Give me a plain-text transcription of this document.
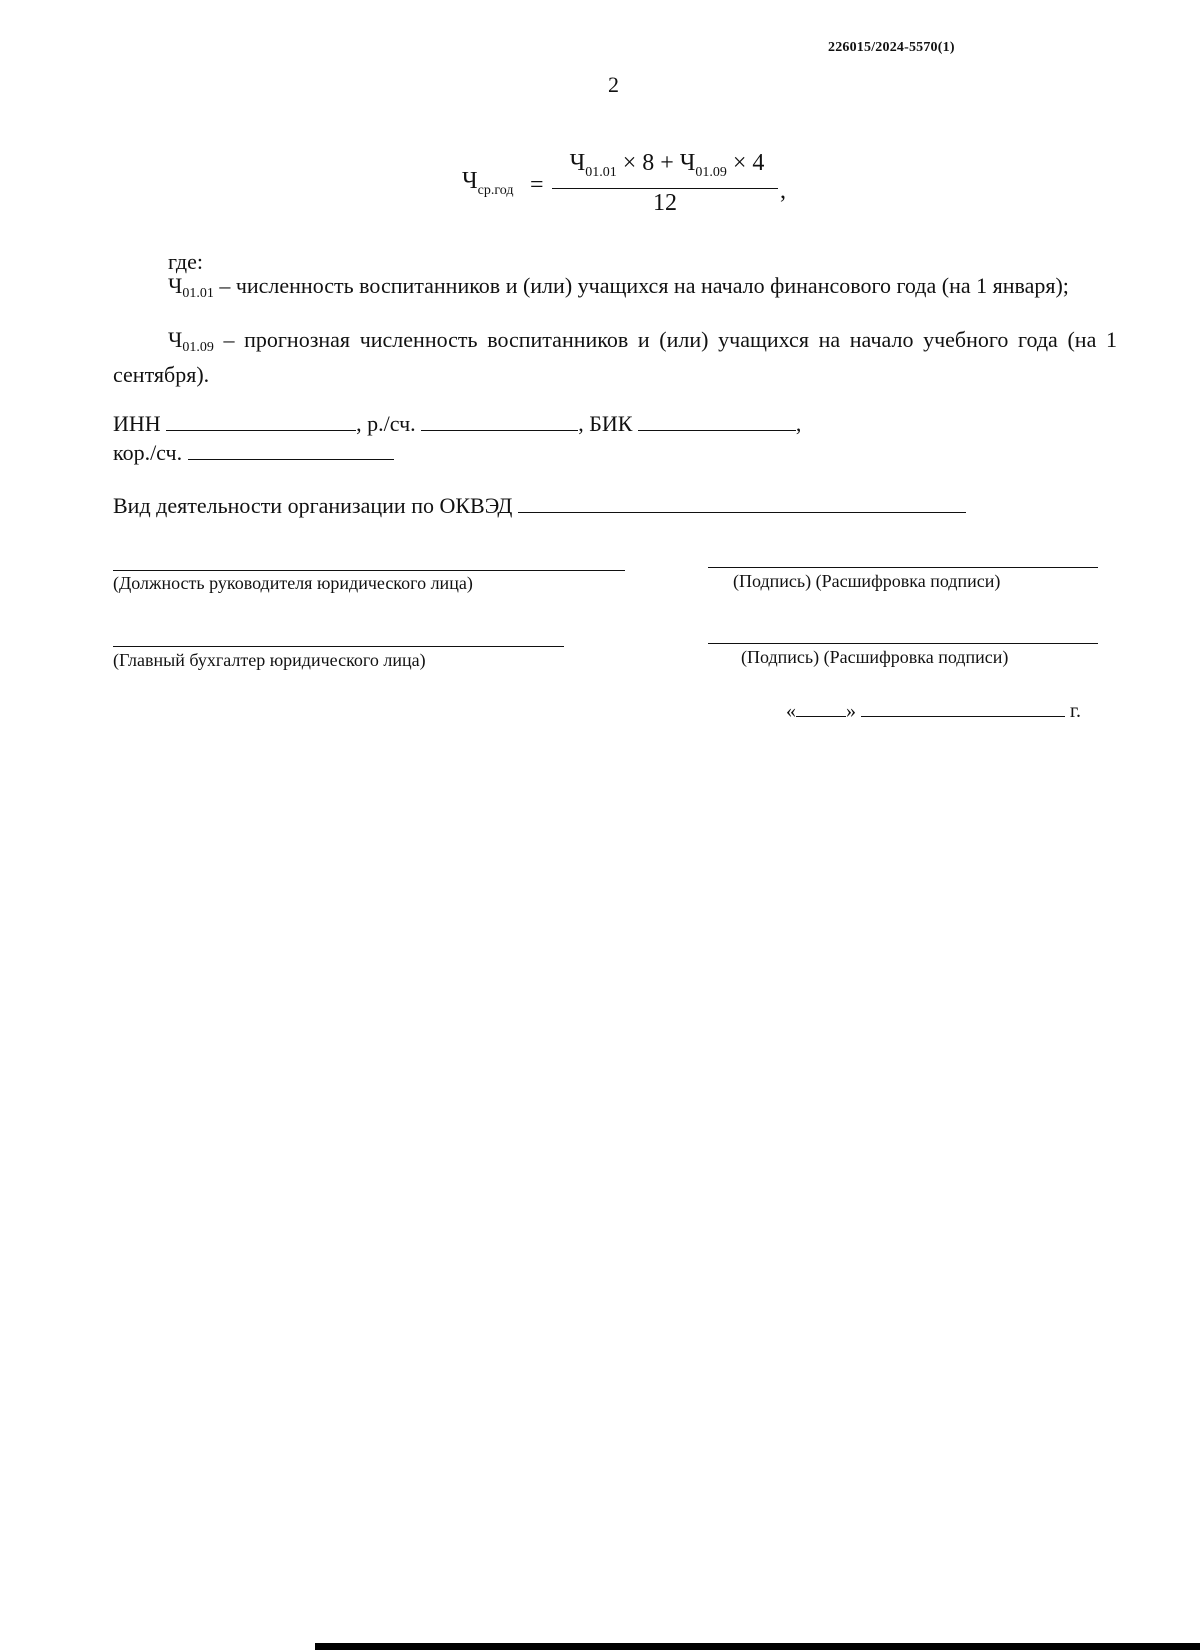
226015/2024-5570(1)
2
$Ч_{ср.год}$ =
$Ч_{01.01} \times 8 + Ч_{01.09} \times 4$
12	,
где:
$Ч_{01.01}$ – численность воспитанников и (или) учащихся на начало финансового года (на 1 января);
$Ч_{01.09}$ – прогнозная численность воспитанников и (или) учащихся на начало учебного года (на 1 сентября).
ИНН	, р./сч.	, БИК	,
кор./сч.
Вид деятельности организации по ОКВЭД
(Должность руководителя юридического лица)	(Подпись) (Расшифровка подписи)
(Главный бухгалтер юридического лица)	(Подпись) (Расшифровка подписи)
«	»	г.
